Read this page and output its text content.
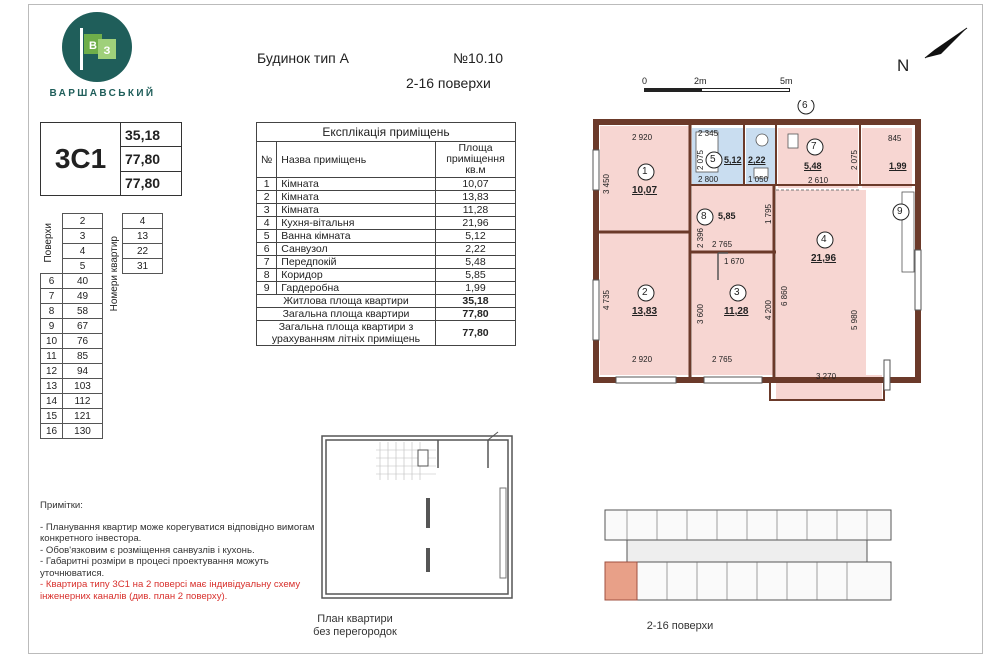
В З
ВАРШАВСЬКИЙ
Будинок тип А	№10.10
2-16 поверхи	0	2m	5m
N
3С1
35,18
77,80
77,80
Поверхи	2	Номери квартир	4
	3		13
	4		22
	5		31
6	40		
7	49		
8	58		
9	67		
10	76		
11	85		
12	94		
13	103		
14	112		
15	121		
16	130		
Експлікація приміщень		
№	Назва приміщень	Площа приміщення кв.м
1	Кімната	10,07
2	Кімната	13,83
3	Кімната	11,28
4	Кухня-вітальня	21,96
5	Ванна кімната	5,12
6	Санвузол	2,22
7	Передпокій	5,48
8	Коридор	5,85
9	Гардеробна	1,99
Житлова площа квартири		35,18
Загальна площа квартири		77,80
Загальна площа квартири з урахуванням літніх приміщень		77,80
1
10,07
2
13,83
3
11,28
4
21,96
5 5,12
6
2,22
7
5,48
8 5,85	9
1,99
2 920	2 345
2 800	1 050	2 610
845
2 765
1 670
2 920	2 765
3 270
3 450
4 735
3 600	4 200
6 860
5 980
2 396
1 795
2 075	2 075
План квартири
без перегородок	2-16 поверхи
Примітки:
- Планування квартир може корегуватися відповідно вимогам конкретного інвестора.
- Обов'язковим є розміщення санвузлів і кухонь.
- Габаритні розміри в процесі проектування можуть уточнюватися.
- Квартира типу 3С1 на 2 поверсі має індивідуальну схему інженерних каналів (див. план 2 поверху).
